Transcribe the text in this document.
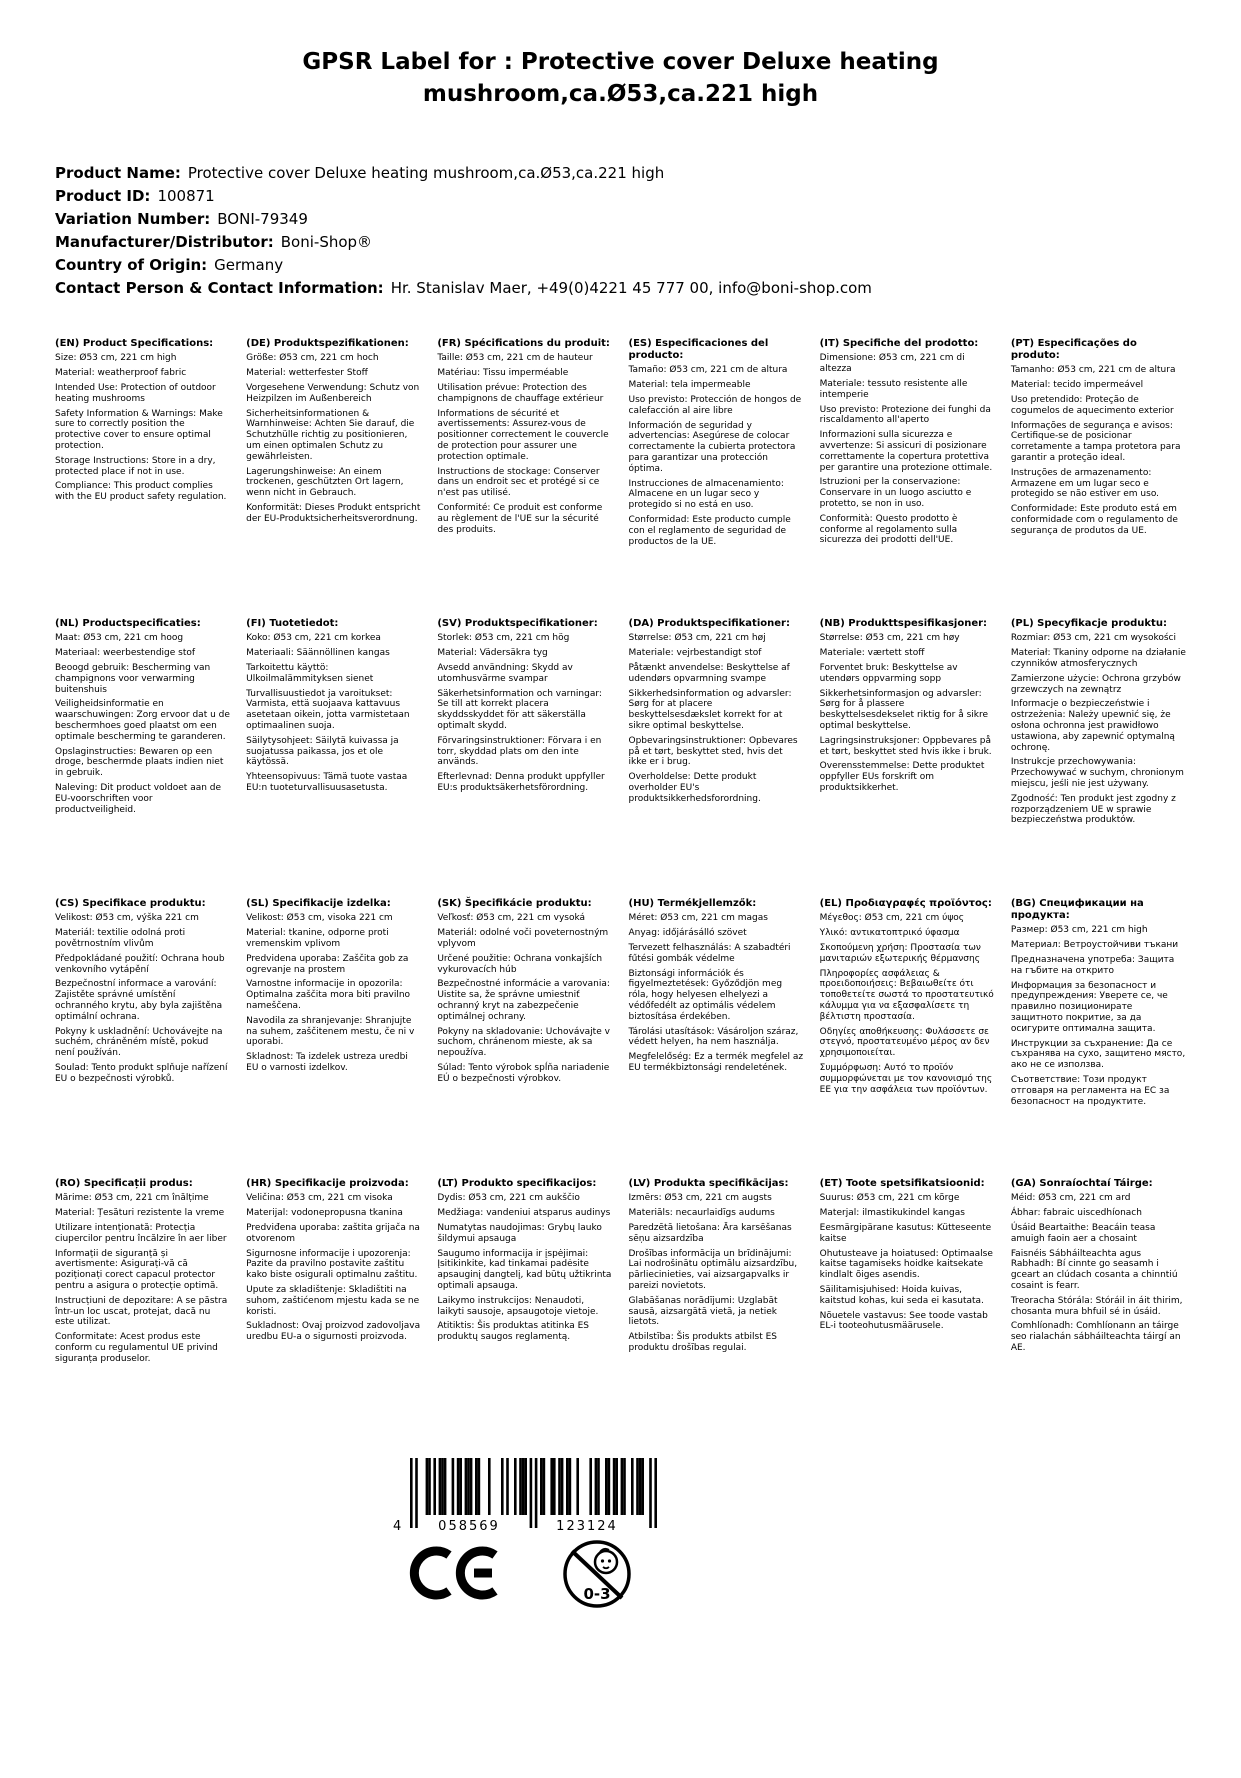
GPSR Label for : Protective cover Deluxe heating mushroom,ca.Ø53,ca.221 high
Product Name: Protective cover Deluxe heating mushroom,ca.Ø53,ca.221 high
Product ID: 100871
Variation Number: BONI-79349
Manufacturer/Distributor: Boni-Shop®
Country of Origin: Germany
Contact Person & Contact Information: Hr. Stanislav Maer, +49(0)4221 45 777 00, info@boni-shop.com
(EN) Product Specifications:

Size: Ø53 cm, 221 cm high

Material: weatherproof fabric

Intended Use: Protection of outdoor heating mushrooms

Safety Information & Warnings: Make sure to correctly position the protective cover to ensure optimal protection.

Storage Instructions: Store in a dry, protected place if not in use.

Compliance: This product complies with the EU product safety regulation.

(DE) Produktspezifikationen:

Größe: Ø53 cm, 221 cm hoch

Material: wetterfester Stoff

Vorgesehene Verwendung: Schutz von Heizpilzen im Außenbereich

Sicherheitsinformationen & Warnhinweise: Achten Sie darauf, die Schutzhülle richtig zu positionieren, um einen optimalen Schutz zu gewährleisten.

Lagerungshinweise: An einem trockenen, geschützten Ort lagern, wenn nicht in Gebrauch.

Konformität: Dieses Produkt entspricht der EU-Produktsicherheitsverordnung.

(FR) Spécifications du produit:

Taille: Ø53 cm, 221 cm de hauteur

Matériau: Tissu imperméable

Utilisation prévue: Protection des champignons de chauffage extérieur

Informations de sécurité et avertissements: Assurez-vous de positionner correctement le couvercle de protection pour assurer une protection optimale.

Instructions de stockage: Conserver dans un endroit sec et protégé si ce n'est pas utilisé.

Conformité: Ce produit est conforme au règlement de l'UE sur la sécurité des produits.

(ES) Especificaciones del producto:

Tamaño: Ø53 cm, 221 cm de altura

Material: tela impermeable

Uso previsto: Protección de hongos de calefacción al aire libre

Información de seguridad y advertencias: Asegúrese de colocar correctamente la cubierta protectora para garantizar una protección óptima.

Instrucciones de almacenamiento: Almacene en un lugar seco y protegido si no está en uso.

Conformidad: Este producto cumple con el reglamento de seguridad de productos de la UE.

(IT) Specifiche del prodotto:

Dimensione: Ø53 cm, 221 cm di altezza

Materiale: tessuto resistente alle intemperie

Uso previsto: Protezione dei funghi da riscaldamento all'aperto

Informazioni sulla sicurezza e avvertenze: Si assicuri di posizionare correttamente la copertura protettiva per garantire una protezione ottimale.

Istruzioni per la conservazione: Conservare in un luogo asciutto e protetto, se non in uso.

Conformità: Questo prodotto è conforme al regolamento sulla sicurezza dei prodotti dell'UE.

(PT) Especificações do produto:

Tamanho: Ø53 cm, 221 cm de altura

Material: tecido impermeável

Uso pretendido: Proteção de cogumelos de aquecimento exterior

Informações de segurança e avisos: Certifique-se de posicionar corretamente a tampa protetora para garantir a proteção ideal.

Instruções de armazenamento: Armazene em um lugar seco e protegido se não estiver em uso.

Conformidade: Este produto está em conformidade com o regulamento de segurança de produtos da UE.

(NL) Productspecificaties:

Maat: Ø53 cm, 221 cm hoog

Materiaal: weerbestendige stof

Beoogd gebruik: Bescherming van champignons voor verwarming buitenshuis

Veiligheidsinformatie en waarschuwingen: Zorg ervoor dat u de beschermhoes goed plaatst om een optimale bescherming te garanderen.

Opslaginstructies: Bewaren op een droge, beschermde plaats indien niet in gebruik.

Naleving: Dit product voldoet aan de EU-voorschriften voor productveiligheid.

(FI) Tuotetiedot:

Koko: Ø53 cm, 221 cm korkea

Materiaali: Säännöllinen kangas

Tarkoitettu käyttö: Ulkoilmalämmityksen sienet

Turvallisuustiedot ja varoitukset: Varmista, että suojaava kattavuus asetetaan oikein, jotta varmistetaan optimaalinen suoja.

Säilytysohjeet: Säilytä kuivassa ja suojatussa paikassa, jos et ole käytössä.

Yhteensopivuus: Tämä tuote vastaa EU:n tuoteturvallisuusasetusta.

(SV) Produktspecifikationer:

Storlek: Ø53 cm, 221 cm hög

Material: Vädersäkra tyg

Avsedd användning: Skydd av utomhusvärme svampar

Säkerhetsinformation och varningar: Se till att korrekt placera skyddsskyddet för att säkerställa optimalt skydd.

Förvaringsinstruktioner: Förvara i en torr, skyddad plats om den inte används.

Efterlevnad: Denna produkt uppfyller EU:s produktsäkerhetsförordning.

(DA) Produktspecifikationer:

Størrelse: Ø53 cm, 221 cm høj

Materiale: vejrbestandigt stof

Påtænkt anvendelse: Beskyttelse af udendørs opvarmning svampe

Sikkerhedsinformation og advarsler: Sørg for at placere beskyttelsesdækslet korrekt for at sikre optimal beskyttelse.

Opbevaringsinstruktioner: Opbevares på et tørt, beskyttet sted, hvis det ikke er i brug.

Overholdelse: Dette produkt overholder EU's produktsikkerhedsforordning.

(NB) Produkttspesifikasjoner:

Størrelse: Ø53 cm, 221 cm høy

Materiale: værtett stoff

Forventet bruk: Beskyttelse av utendørs oppvarming sopp

Sikkerhetsinformasjon og advarsler: Sørg for å plassere beskyttelsesdekselet riktig for å sikre optimal beskyttelse.

Lagringsinstruksjoner: Oppbevares på et tørt, beskyttet sted hvis ikke i bruk.

Overensstemmelse: Dette produktet oppfyller EUs forskrift om produktsikkerhet.

(PL) Specyfikacje produktu:

Rozmiar: Ø53 cm, 221 cm wysokości

Materiał: Tkaniny odporne na działanie czynników atmosferycznych

Zamierzone użycie: Ochrona grzybów grzewczych na zewnątrz

Informacje o bezpieczeństwie i ostrzeżenia: Należy upewnić się, że osłona ochronna jest prawidłowo ustawiona, aby zapewnić optymalną ochronę.

Instrukcje przechowywania: Przechowywać w suchym, chronionym miejscu, jeśli nie jest używany.

Zgodność: Ten produkt jest zgodny z rozporządzeniem UE w sprawie bezpieczeństwa produktów.

(CS) Specifikace produktu:

Velikost: Ø53 cm, výška 221 cm

Materiál: textilie odolná proti povětrnostním vlivům

Předpokládané použití: Ochrana houb venkovního vytápění

Bezpečnostní informace a varování: Zajistěte správné umístění ochranného krytu, aby byla zajištěna optimální ochrana.

Pokyny k uskladnění: Uchovávejte na suchém, chráněném místě, pokud není používán.

Soulad: Tento produkt splňuje nařízení EU o bezpečnosti výrobků.

(SL) Specifikacije izdelka:

Velikost: Ø53 cm, visoka 221 cm

Material: tkanine, odporne proti vremenskim vplivom

Predvidena uporaba: Zaščita gob za ogrevanje na prostem

Varnostne informacije in opozorila: Optimalna zaščita mora biti pravilno nameščena.

Navodila za shranjevanje: Shranjujte na suhem, zaščitenem mestu, če ni v uporabi.

Skladnost: Ta izdelek ustreza uredbi EU o varnosti izdelkov.

(SK) Špecifikácie produktu:

Veľkosť: Ø53 cm, 221 cm vysoká

Materiál: odolné voči poveternostným vplyvom

Určené použitie: Ochrana vonkajších vykurovacích húb

Bezpečnostné informácie a varovania: Uistite sa, že správne umiestniť ochranný kryt na zabezpečenie optimálnej ochrany.

Pokyny na skladovanie: Uchovávajte v suchom, chránenom mieste, ak sa nepoužíva.

Súlad: Tento výrobok spĺňa nariadenie EÚ o bezpečnosti výrobkov.

(HU) Termékjellemzők:

Méret: Ø53 cm, 221 cm magas

Anyag: időjárásálló szövet

Tervezett felhasználás: A szabadtéri fűtési gombák védelme

Biztonsági információk és figyelmeztetések: Győződjön meg róla, hogy helyesen elhelyezi a védőfedélt az optimális védelem biztosítása érdekében.

Tárolási utasítások: Vásároljon száraz, védett helyen, ha nem használja.

Megfelelőség: Ez a termék megfelel az EU termékbiztonsági rendeletének.

(EL) Προδιαγραφές προϊόντος:

Μέγεθος: Ø53 cm, 221 cm ύψος

Υλικό: αντικατοπτρικό ύφασμα

Σκοπούμενη χρήση: Προστασία των μανιταριών εξωτερικής θέρμανσης

Πληροφορίες ασφάλειας & προειδοποιήσεις: Βεβαιωθείτε ότι τοποθετείτε σωστά το προστατευτικό κάλυμμα για να εξασφαλίσετε τη βέλτιστη προστασία.

Οδηγίες αποθήκευσης: Φυλάσσετε σε στεγνό, προστατευμένο μέρος αν δεν χρησιμοποιείται.

Συμμόρφωση: Αυτό το προϊόν συμμορφώνεται με τον κανονισμό της ΕΕ για την ασφάλεια των προϊόντων.

(BG) Спецификации на продукта:

Размер: Ø53 cm, 221 cm high

Материал: Ветроустойчиви тъкани

Предназначена употреба: Защита на гъбите на открито

Информация за безопасност и предупреждения: Уверете се, че правилно позиционирате защитното покритие, за да осигурите оптимална защита.

Инструкции за съхранение: Да се съхранява на сухо, защитено място, ако не се използва.

Съответствие: Този продукт отговаря на регламента на ЕС за безопасност на продуктите.

(RO) Specificații produs:

Mărime: Ø53 cm, 221 cm înălțime

Material: Țesături rezistente la vreme

Utilizare intenționată: Protecția ciupercilor pentru încălzire în aer liber

Informații de siguranță și avertismente: Asigurați-vă că poziționați corect capacul protector pentru a asigura o protecție optimă.

Instrucțiuni de depozitare: A se păstra într-un loc uscat, protejat, dacă nu este utilizat.

Conformitate: Acest produs este conform cu regulamentul UE privind siguranța produselor.

(HR) Specifikacije proizvoda:

Veličina: Ø53 cm, 221 cm visoka

Materijal: vodonepropusna tkanina

Predviđena uporaba: zaštita grijača na otvorenom

Sigurnosne informacije i upozorenja: Pazite da pravilno postavite zaštitu kako biste osigurali optimalnu zaštitu.

Upute za skladištenje: Skladištiti na suhom, zaštićenom mjestu kada se ne koristi.

Sukladnost: Ovaj proizvod zadovoljava uredbu EU-a o sigurnosti proizvoda.

(LT) Produkto specifikacijos:

Dydis: Ø53 cm, 221 cm aukščio

Medžiaga: vandeniui atsparus audinys

Numatytas naudojimas: Grybų lauko šildymui apsauga

Saugumo informacija ir įspėjimai: Įsitikinkite, kad tinkamai padėsite apsauginį dangtelį, kad būtų užtikrinta optimali apsauga.

Laikymo instrukcijos: Nenaudoti, laikyti sausoje, apsaugotoje vietoje.

Atitiktis: Šis produktas atitinka ES produktų saugos reglamentą.

(LV) Produkta specifikācijas:

Izmērs: Ø53 cm, 221 cm augsts

Materiāls: necaurlaidīgs audums

Paredzētā lietošana: Āra karsēšanas sēņu aizsardzība

Drošības informācija un brīdinājumi: Lai nodrošinātu optimālu aizsardzību, pārliecinieties, vai aizsargapvalks ir pareizi novietots.

Glabāšanas norādījumi: Uzglabāt sausā, aizsargātā vietā, ja netiek lietots.

Atbilstība: Šis produkts atbilst ES produktu drošības regulai.

(ET) Toote spetsifikatsioonid:

Suurus: Ø53 cm, 221 cm kõrge

Materjal: ilmastikukindel kangas

Eesmärgipärane kasutus: Kütteseente kaitse

Ohutusteave ja hoiatused: Optimaalse kaitse tagamiseks hoidke kaitsekate kindlalt õiges asendis.

Säilitamisjuhised: Hoida kuivas, kaitstud kohas, kui seda ei kasutata.

Nõuetele vastavus: See toode vastab EL-i tooteohutusmäärusele.

(GA) Sonraíochtaí Táirge:

Méid: Ø53 cm, 221 cm ard

Ábhar: fabraic uiscedhíonach

Úsáid Beartaithe: Beacáin teasa amuigh faoin aer a chosaint

Faisnéis Sábháilteachta agus Rabhadh: Bí cinnte go seasamh i gceart an clúdach cosanta a chinntiú cosaint is fearr.

Treoracha Stórála: Stóráil in áit thirim, chosanta mura bhfuil sé in úsáid.

Comhlíonadh: Comhlíonann an táirge seo rialachán sábháilteachta táirgí an AE.

4	058569	123124
0-3
